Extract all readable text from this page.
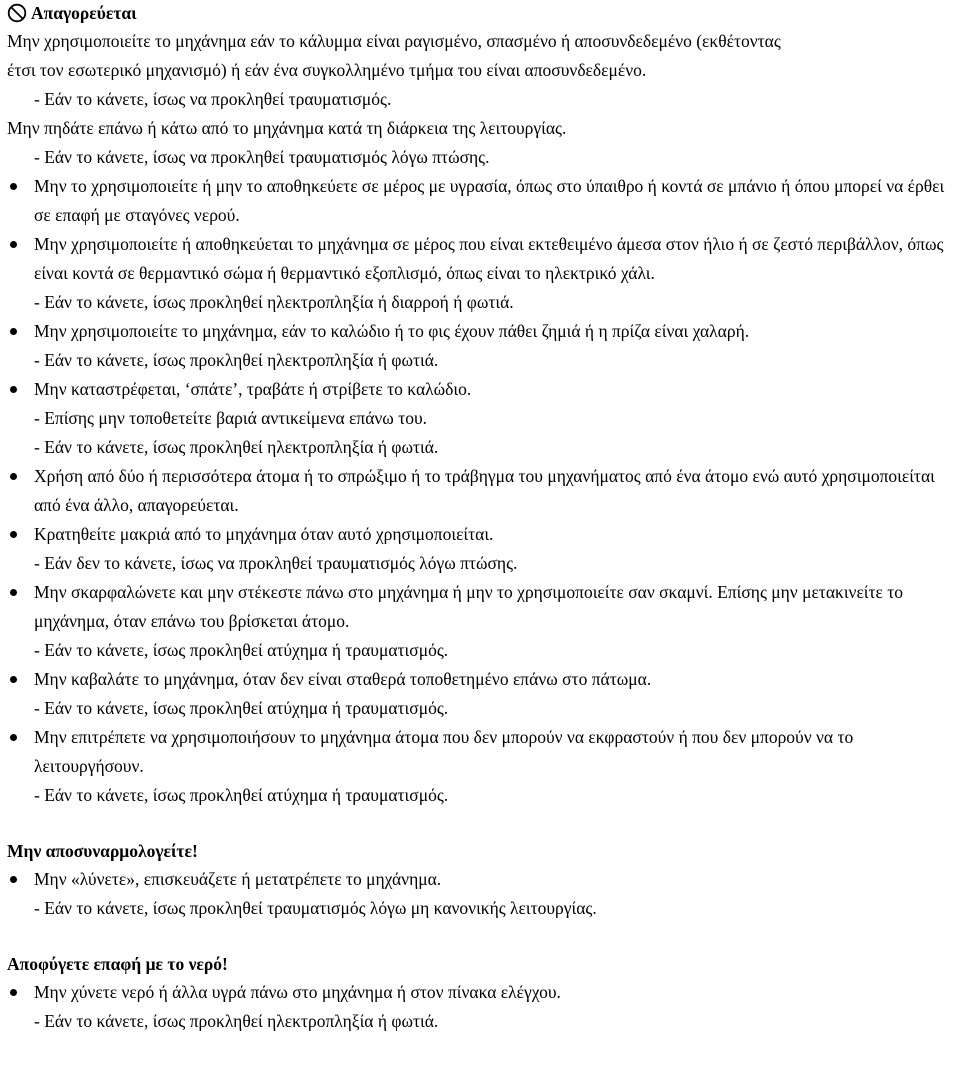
Απαγορεύεται
Μην χρησιμοποιείτε το μηχάνημα εάν το κάλυμμα είναι ραγισμένο, σπασμένο ή αποσυνδεδεμένο (εκθέτοντας
έτσι τον εσωτερικό μηχανισμό) ή εάν ένα συγκολλημένο τμήμα του είναι αποσυνδεδεμένο.
- Εάν το κάνετε, ίσως να προκληθεί τραυματισμός.
Μην πηδάτε επάνω ή κάτω από το μηχάνημα κατά τη διάρκεια της λειτουργίας.
- Εάν το κάνετε, ίσως να προκληθεί τραυματισμός λόγω πτώσης.
Μην το χρησιμοποιείτε ή μην το αποθηκεύετε σε μέρος με υγρασία, όπως στο ύπαιθρο ή κοντά σε μπάνιο ή όπου μπορεί να έρθει σε επαφή με σταγόνες νερού.
Μην χρησιμοποιείτε ή αποθηκεύεται το μηχάνημα σε μέρος που είναι εκτεθειμένο άμεσα στον ήλιο ή σε ζεστό περιβάλλον, όπως είναι κοντά σε θερμαντικό σώμα ή θερμαντικό εξοπλισμό, όπως είναι το ηλεκτρικό χάλι.
- Εάν το κάνετε, ίσως προκληθεί ηλεκτροπληξία ή διαρροή ή φωτιά.
Μην χρησιμοποιείτε το μηχάνημα, εάν το καλώδιο ή το φις έχουν πάθει ζημιά ή η πρίζα είναι χαλαρή.
- Εάν το κάνετε, ίσως προκληθεί ηλεκτροπληξία ή φωτιά.
Μην καταστρέφεται, ‘σπάτε’, τραβάτε ή στρίβετε το καλώδιο.
- Επίσης μην τοποθετείτε βαριά αντικείμενα επάνω του.
- Εάν το κάνετε, ίσως προκληθεί ηλεκτροπληξία ή φωτιά.
Χρήση από δύο ή περισσότερα άτομα ή το σπρώξιμο ή το τράβηγμα του μηχανήματος από ένα άτομο ενώ αυτό χρησιμοποιείται από ένα άλλο, απαγορεύεται.
Κρατηθείτε μακριά από το μηχάνημα όταν αυτό χρησιμοποιείται.
- Εάν δεν το κάνετε, ίσως να προκληθεί τραυματισμός λόγω πτώσης.
Μην σκαρφαλώνετε και μην στέκεστε πάνω στο μηχάνημα ή μην το χρησιμοποιείτε σαν σκαμνί. Επίσης μην μετακινείτε το μηχάνημα, όταν επάνω του βρίσκεται άτομο.
- Εάν το κάνετε, ίσως προκληθεί ατύχημα ή τραυματισμός.
Μην καβαλάτε το μηχάνημα, όταν δεν είναι σταθερά τοποθετημένο επάνω στο πάτωμα.
- Εάν το κάνετε, ίσως προκληθεί ατύχημα ή τραυματισμός.
Μην επιτρέπετε να χρησιμοποιήσουν το μηχάνημα άτομα που δεν μπορούν να εκφραστούν ή που δεν μπορούν να το λειτουργήσουν.
- Εάν το κάνετε, ίσως προκληθεί ατύχημα ή τραυματισμός.
Μην αποσυναρμολογείτε!
Μην «λύνετε», επισκευάζετε ή μετατρέπετε το μηχάνημα.
- Εάν το κάνετε, ίσως προκληθεί τραυματισμός λόγω μη κανονικής λειτουργίας.
Αποφύγετε επαφή με το νερό!
Μην χύνετε νερό ή άλλα υγρά πάνω στο μηχάνημα ή στον πίνακα ελέγχου.
- Εάν το κάνετε, ίσως προκληθεί ηλεκτροπληξία ή φωτιά.
